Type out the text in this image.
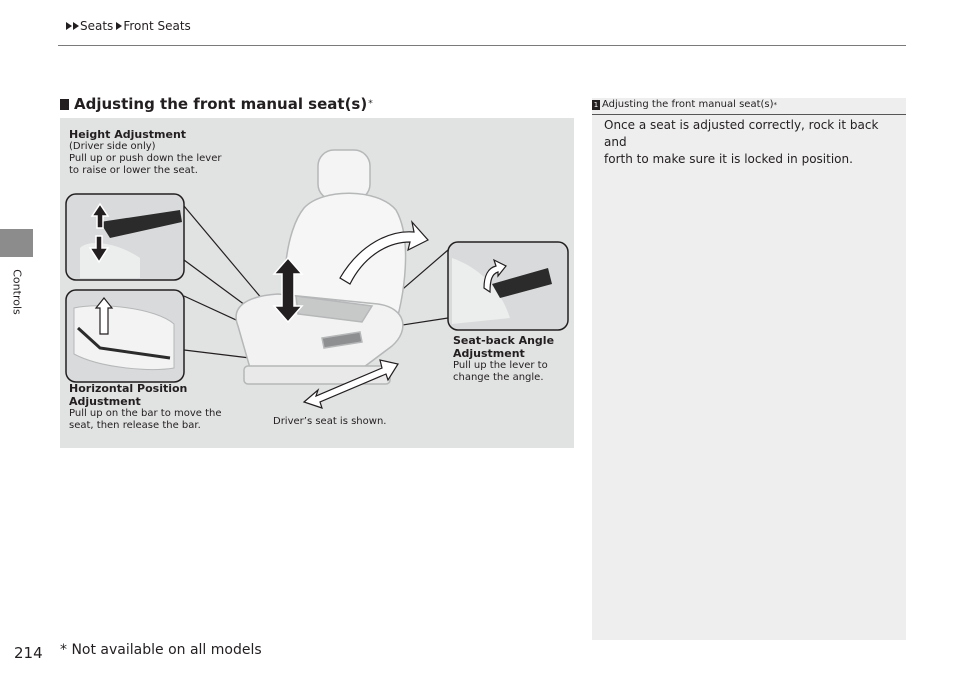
Seats Front Seats
Controls
Adjusting the front manual seat(s) *
Height Adjustment
(Driver side only)
Pull up or push down the lever
to raise or lower the seat.
Horizontal Position
Adjustment
Pull up on the bar to move the
seat, then release the bar.
Seat-back Angle
Adjustment
Pull up the lever to
change the angle.
Driver’s seat is shown.
1 Adjusting the front manual seat(s) *
Once a seat is adjusted correctly, rock it back and
forth to make sure it is locked in position.
214 * Not available on all models
